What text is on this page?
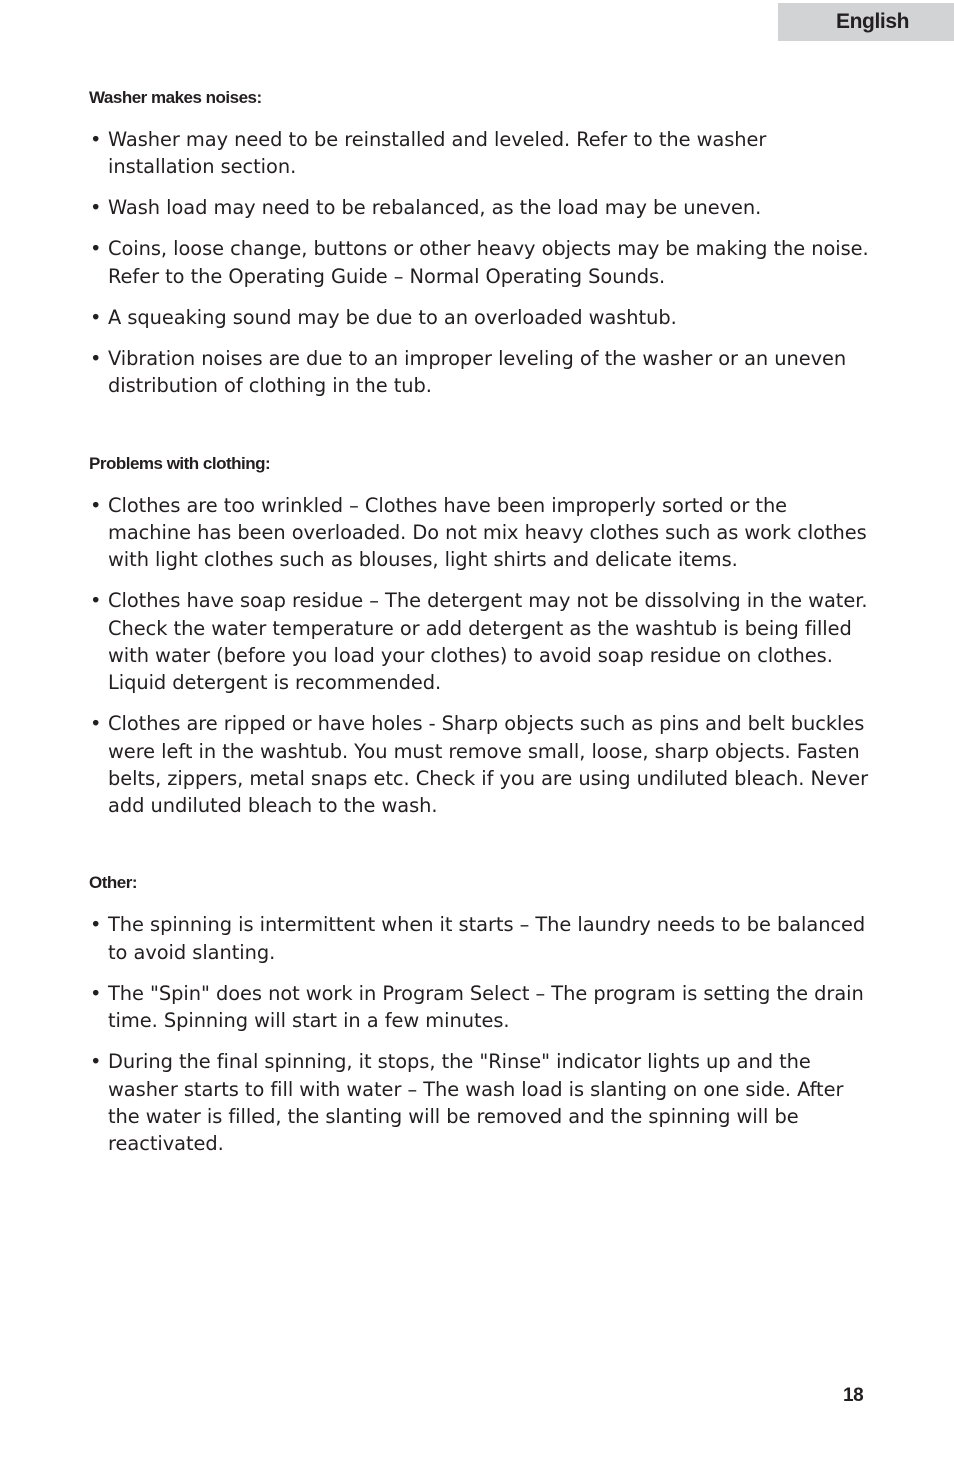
English
Washer makes noises:
• Washer may need to be reinstalled and leveled. Refer to the washer installation section.
• Wash load may need to be rebalanced, as the load may be uneven.
• Coins, loose change, buttons or other heavy objects may be making the noise. Refer to the Operating Guide – Normal Operating Sounds.
• A squeaking sound may be due to an overloaded washtub.
• Vibration noises are due to an improper leveling of the washer or an uneven distribution of clothing in the tub.
Problems with clothing:
• Clothes are too wrinkled – Clothes have been improperly sorted or the machine has been overloaded. Do not mix heavy clothes such as work clothes with light clothes such as blouses, light shirts and delicate items.
• Clothes have soap residue – The detergent may not be dissolving in the water. Check the water temperature or add detergent as the washtub is being filled with water (before you load your clothes) to avoid soap residue on clothes. Liquid detergent is recommended.
• Clothes are ripped or have holes - Sharp objects such as pins and belt buckles were left in the washtub. You must remove small, loose, sharp objects. Fasten belts, zippers, metal snaps etc. Check if you are using undiluted bleach. Never add undiluted bleach to the wash.
Other:
• The spinning is intermittent when it starts – The laundry needs to be balanced to avoid slanting.
• The "Spin" does not work in Program Select – The program is setting the drain time. Spinning will start in a few minutes.
• During the final spinning, it stops, the "Rinse" indicator lights up and the washer starts to fill with water – The wash load is slanting on one side. After the water is filled, the slanting will be removed and the spinning will be reactivated.
18
